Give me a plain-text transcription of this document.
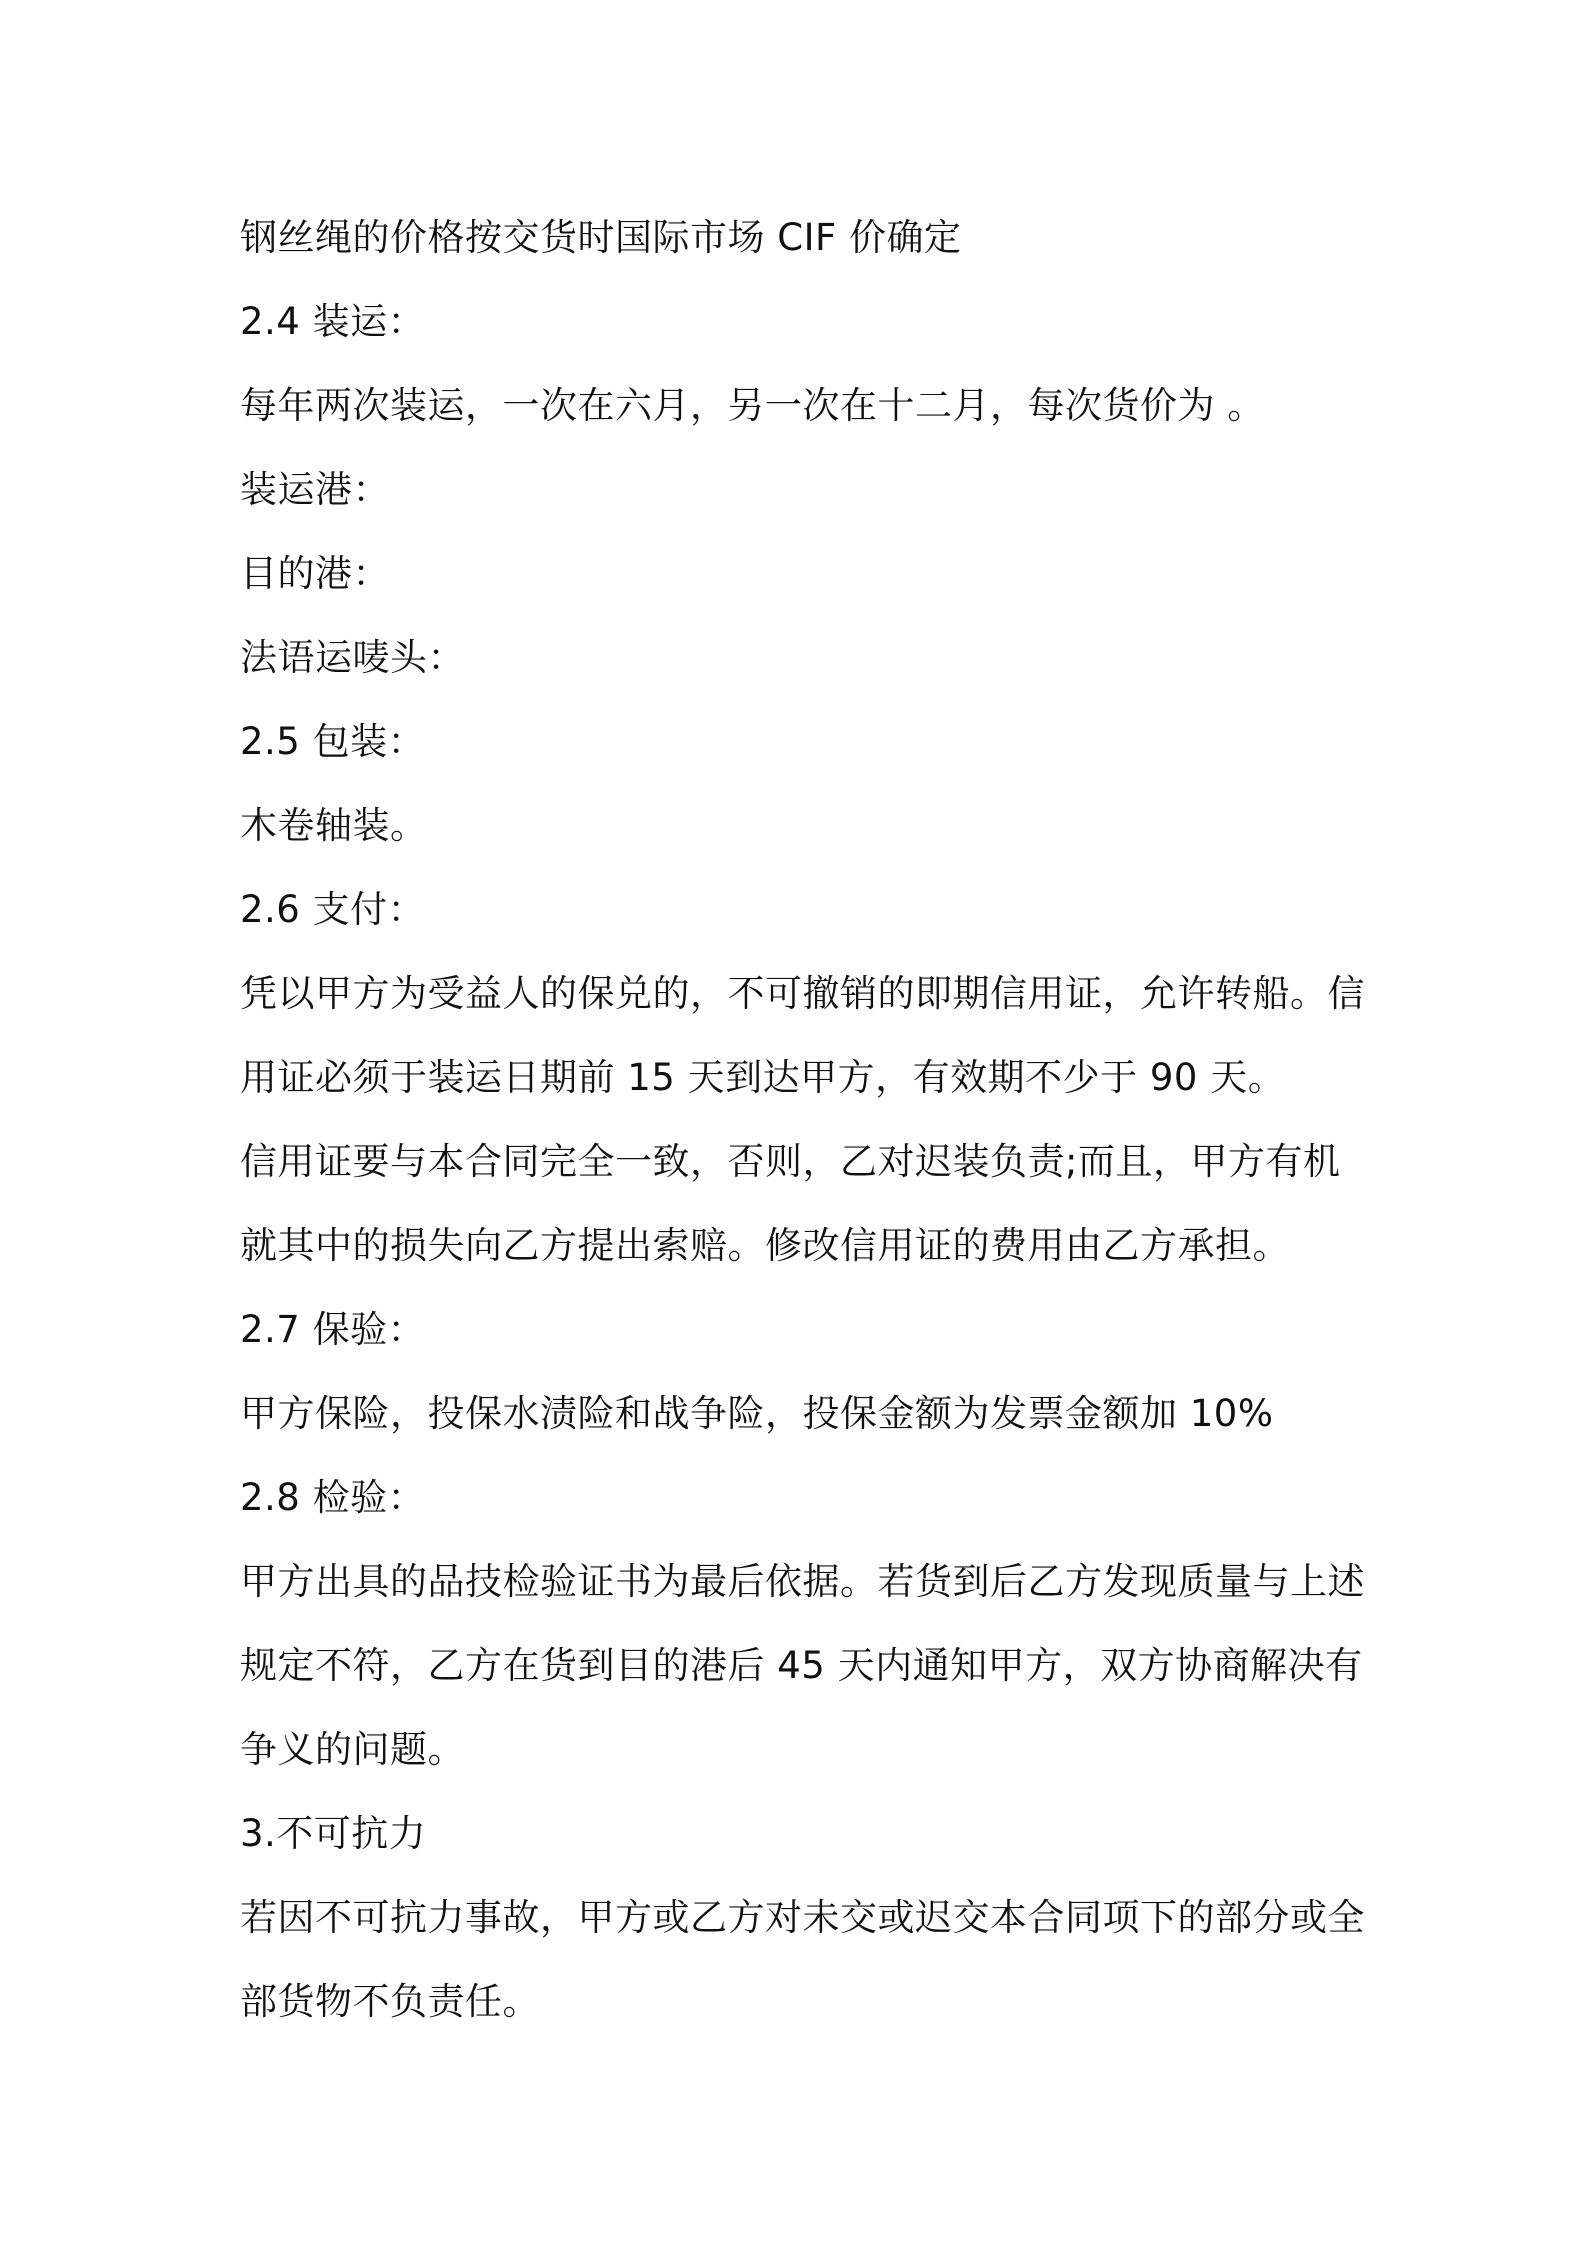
钢丝绳的价格按交货时国际市场 CIF 价确定

2.4 装运：

每年两次装运，一次在六月，另一次在十二月，每次货价为 。

装运港：

目的港：

法语运唛头：

2.5 包装：

木卷轴装。

2.6 支付：

凭以甲方为受益人的保兑的，不可撤销的即期信用证，允许转船。信

用证必须于装运日期前 15 天到达甲方，有效期不少于 90 天。

信用证要与本合同完全一致，否则，乙对迟装负责;而且，甲方有机

就其中的损失向乙方提出索赔。修改信用证的费用由乙方承担。

2.7 保验：

甲方保险，投保水渍险和战争险，投保金额为发票金额加 10%

2.8 检验：

甲方出具的品技检验证书为最后依据。若货到后乙方发现质量与上述

规定不符，乙方在货到目的港后 45 天内通知甲方，双方协商解决有

争义的问题。

3.不可抗力

若因不可抗力事故，甲方或乙方对未交或迟交本合同项下的部分或全

部货物不负责任。
